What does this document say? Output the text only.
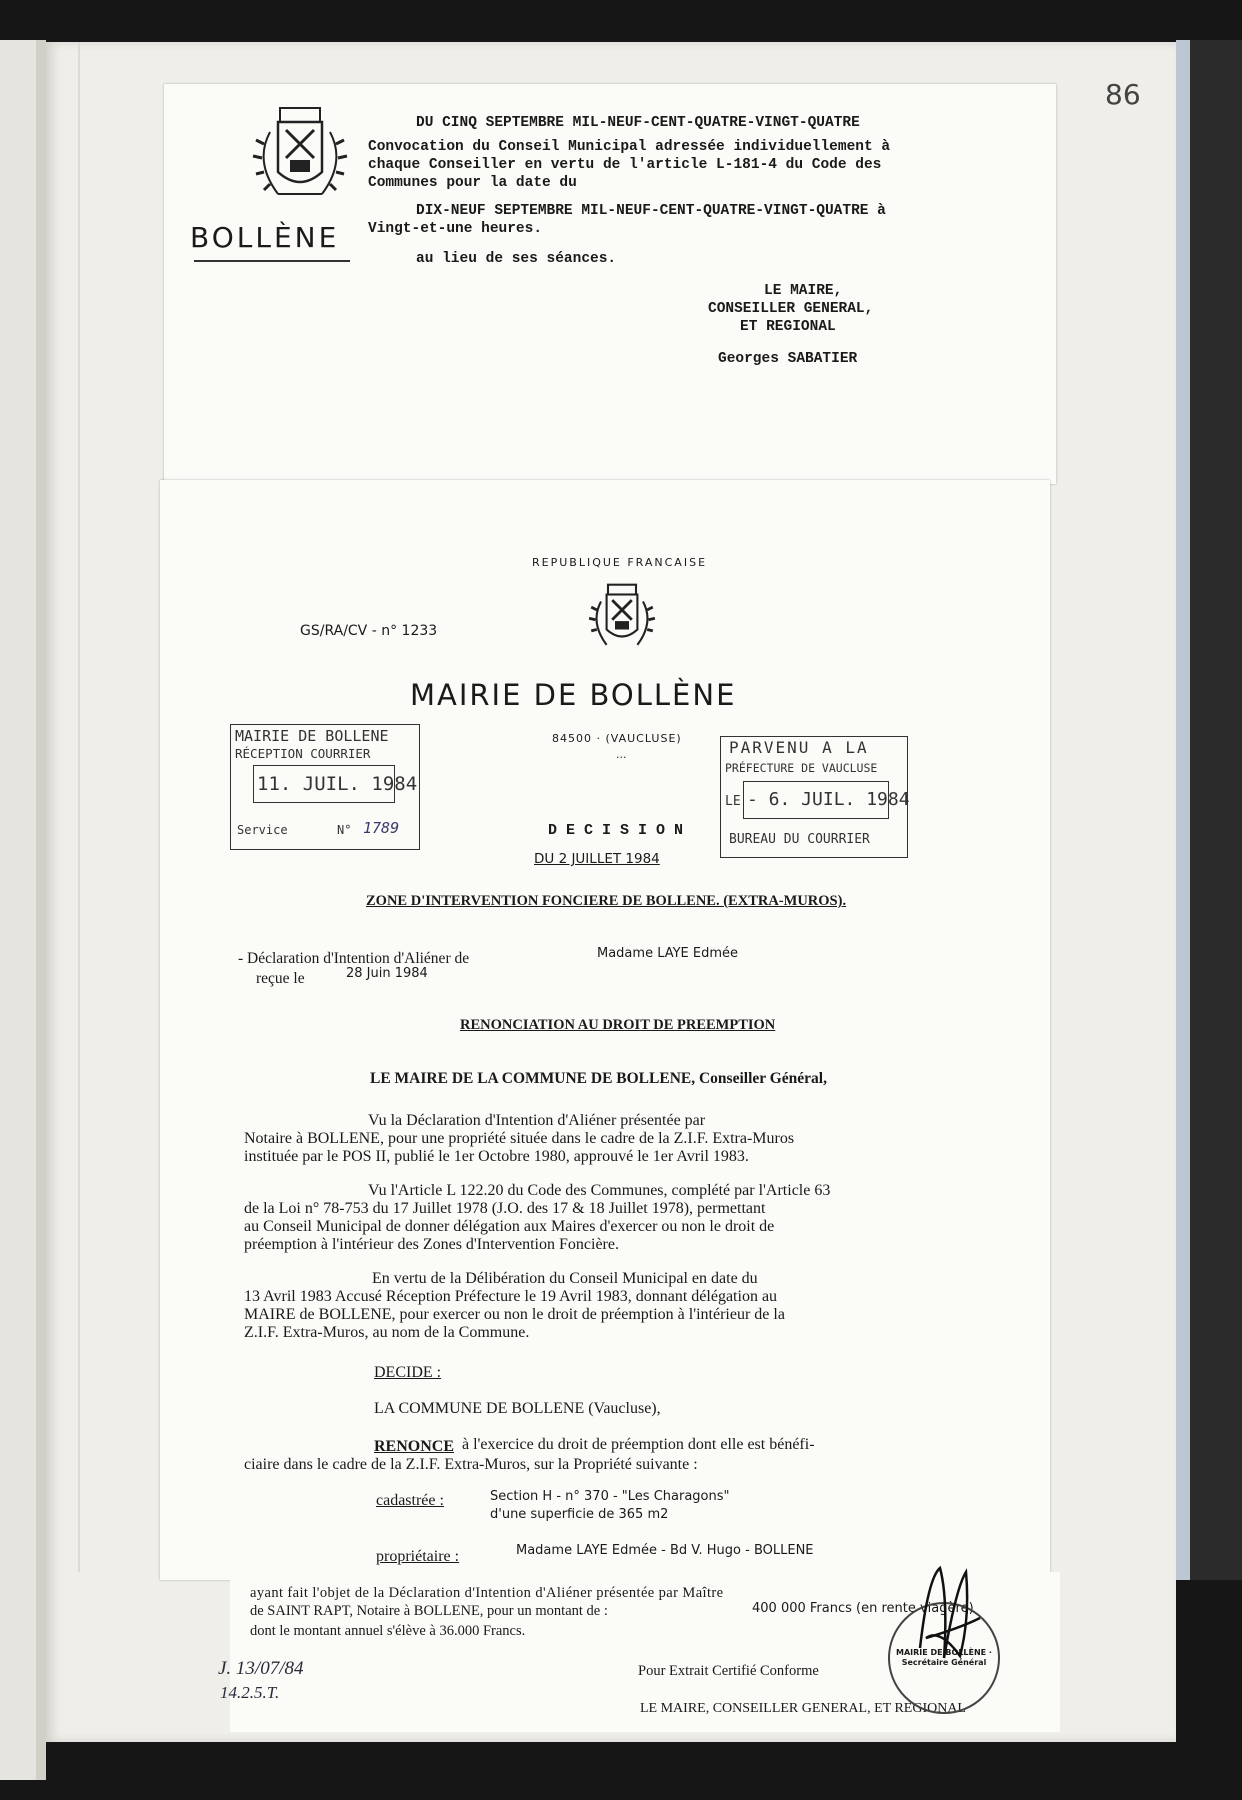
86
BOLLÈNE
DU CINQ SEPTEMBRE MIL-NEUF-CENT-QUATRE-VINGT-QUATRE
Convocation du Conseil Municipal adressée individuellement à
chaque Conseiller en vertu de l'article L-181-4 du Code des
Communes pour la date du
DIX-NEUF SEPTEMBRE MIL-NEUF-CENT-QUATRE-VINGT-QUATRE à
Vingt-et-une heures.
au lieu de ses séances.
LE MAIRE,
CONSEILLER GENERAL,
ET REGIONAL
Georges SABATIER
REPUBLIQUE FRANCAISE
GS/RA/CV - n° 1233
MAIRIE DE BOLLÈNE
84500 · (VAUCLUSE)
...
MAIRIE DE BOLLENE
RÉCEPTION COURRIER
11. JUIL. 1984
Service	N° 1789
PARVENU A LA
PRÉFECTURE DE VAUCLUSE
LE - 6. JUIL. 1984
BUREAU DU COURRIER
D E C I S I O N
DU 2 JUILLET 1984
ZONE D'INTERVENTION FONCIERE DE BOLLENE. (EXTRA-MUROS).
- Déclaration d'Intention d'Aliéner de	Madame LAYE Edmée
reçue le	28 Juin 1984
RENONCIATION AU DROIT DE PREEMPTION
LE MAIRE DE LA COMMUNE DE BOLLENE, Conseiller Général,
Vu la Déclaration d'Intention d'Aliéner présentée par
Notaire à BOLLENE, pour une propriété située dans le cadre de la Z.I.F. Extra-Muros
instituée par le POS II, publié le 1er Octobre 1980, approuvé le 1er Avril 1983.
Vu l'Article L 122.20 du Code des Communes, complété par l'Article 63
de la Loi n° 78-753 du 17 Juillet 1978 (J.O. des 17 & 18 Juillet 1978), permettant
au Conseil Municipal de donner délégation aux Maires d'exercer ou non le droit de
préemption à l'intérieur des Zones d'Intervention Foncière.
En vertu de la Délibération du Conseil Municipal en date du
13 Avril 1983 Accusé Réception Préfecture le 19 Avril 1983, donnant délégation au
MAIRE de BOLLENE, pour exercer ou non le droit de préemption à l'intérieur de la
Z.I.F. Extra-Muros, au nom de la Commune.
DECIDE :
LA COMMUNE DE BOLLENE (Vaucluse),
RENONCE à l'exercice du droit de préemption dont elle est bénéfi-
ciaire dans le cadre de la Z.I.F. Extra-Muros, sur la Propriété suivante :
cadastrée :	Section H - n° 370 - "Les Charagons"
d'une superficie de 365 m2
propriétaire :	Madame LAYE Edmée - Bd V. Hugo - BOLLENE
ayant fait l'objet de la Déclaration d'Intention d'Aliéner présentée par Maître
de SAINT RAPT, Notaire à BOLLENE, pour un montant de :	400 000 Francs (en rente viagère)
dont le montant annuel s'élève à 36.000 Francs.
Pour Extrait Certifié Conforme
LE MAIRE, CONSEILLER GENERAL, ET REGIONAL
J. 13/07/84
14.2.5.T.
MAIRIE DE BOLLÈNE · Secrétaire Général
